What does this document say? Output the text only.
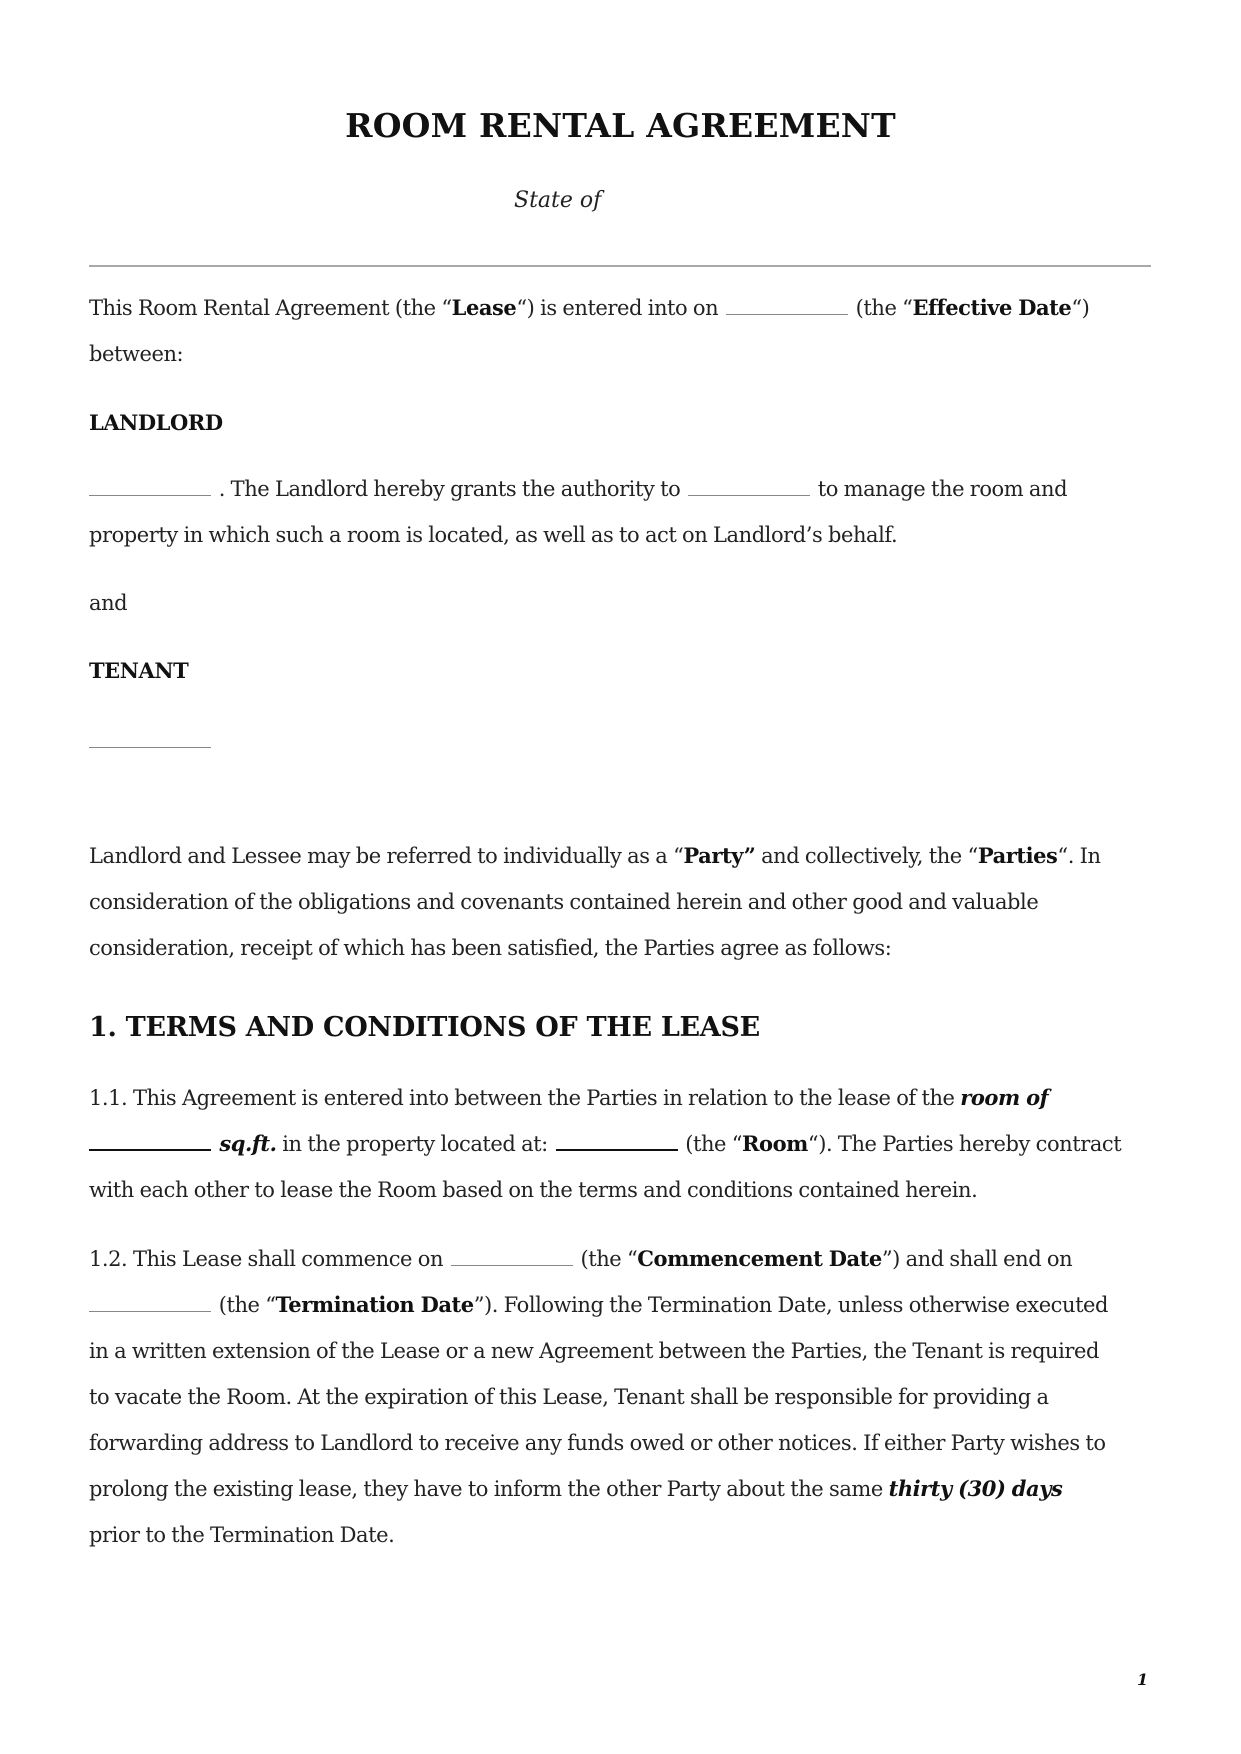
ROOM RENTAL AGREEMENT
State of
This Room Rental Agreement (the “Lease“) is entered into on	(the “Effective Date“)
between:
LANDLORD
. The Landlord hereby grants the authority to	to manage the room and
property in which such a room is located, as well as to act on Landlord’s behalf.
and
TENANT
Landlord and Lessee may be referred to individually as a “Party” and collectively, the “Parties“. In
consideration of the obligations and covenants contained herein and other good and valuable
consideration, receipt of which has been satisfied, the Parties agree as follows:
1. TERMS AND CONDITIONS OF THE LEASE
1.1. This Agreement is entered into between the Parties in relation to the lease of the room of
sq.ft. in the property located at:	(the “Room“). The Parties hereby contract
with each other to lease the Room based on the terms and conditions contained herein.
1.2. This Lease shall commence on	(the “Commencement Date”) and shall end on
(the “Termination Date”). Following the Termination Date, unless otherwise executed
in a written extension of the Lease or a new Agreement between the Parties, the Tenant is required
to vacate the Room. At the expiration of this Lease, Tenant shall be responsible for providing a
forwarding address to Landlord to receive any funds owed or other notices. If either Party wishes to
prolong the existing lease, they have to inform the other Party about the same thirty (30) days
prior to the Termination Date.
1
